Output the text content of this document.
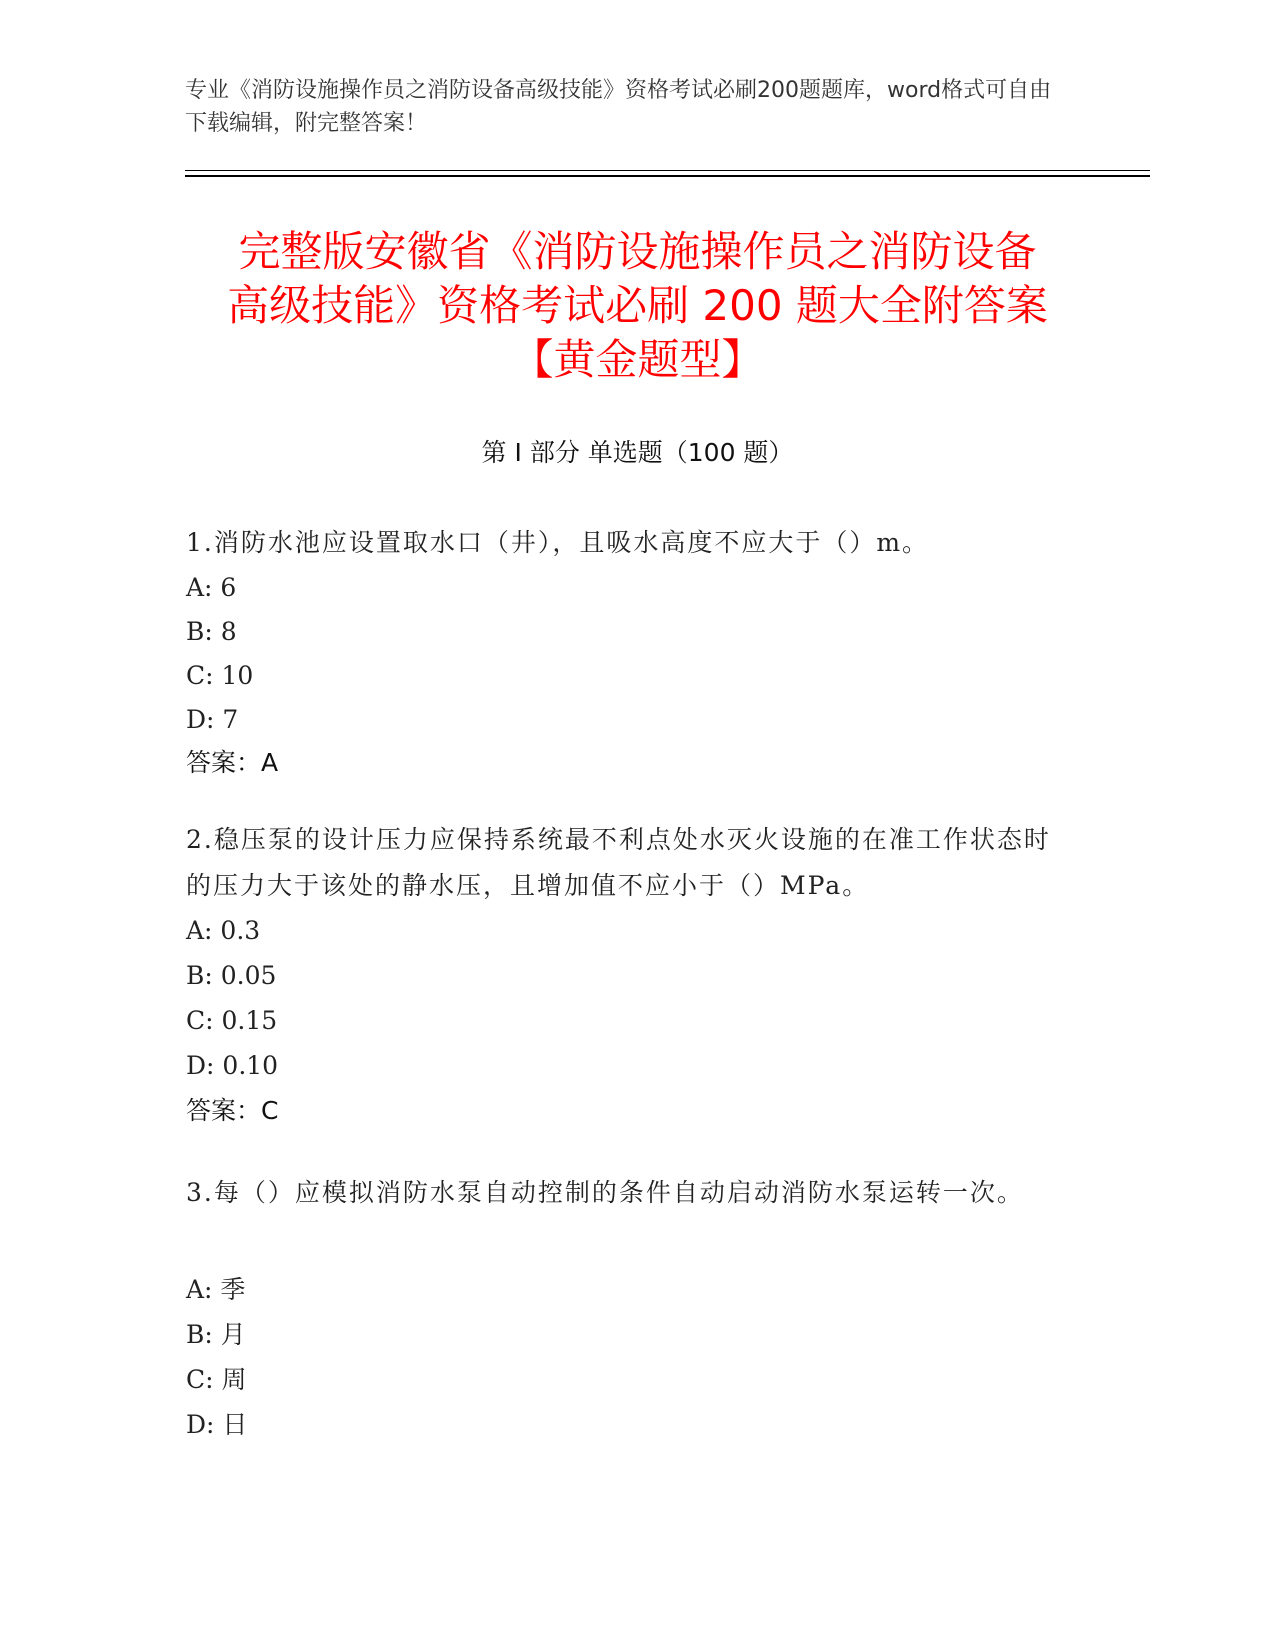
专业《消防设施操作员之消防设备高级技能》资格考试必刷200题题库，word格式可自由下载编辑，附完整答案！
完整版安徽省《消防设施操作员之消防设备
高级技能》资格考试必刷 200 题大全附答案
【黄金题型】
第 I 部分 单选题（100 题）
1.消防水池应设置取水口（井），且吸水高度不应大于（）m。
A: 6
B: 8
C: 10
D: 7
答案：A
2.稳压泵的设计压力应保持系统最不利点处水灭火设施的在准工作状态时的压力大于该处的静水压，且增加值不应小于（）MPa。
A: 0.3
B: 0.05
C: 0.15
D: 0.10
答案：C
3.每（）应模拟消防水泵自动控制的条件自动启动消防水泵运转一次。
A: 季
B: 月
C: 周
D: 日
